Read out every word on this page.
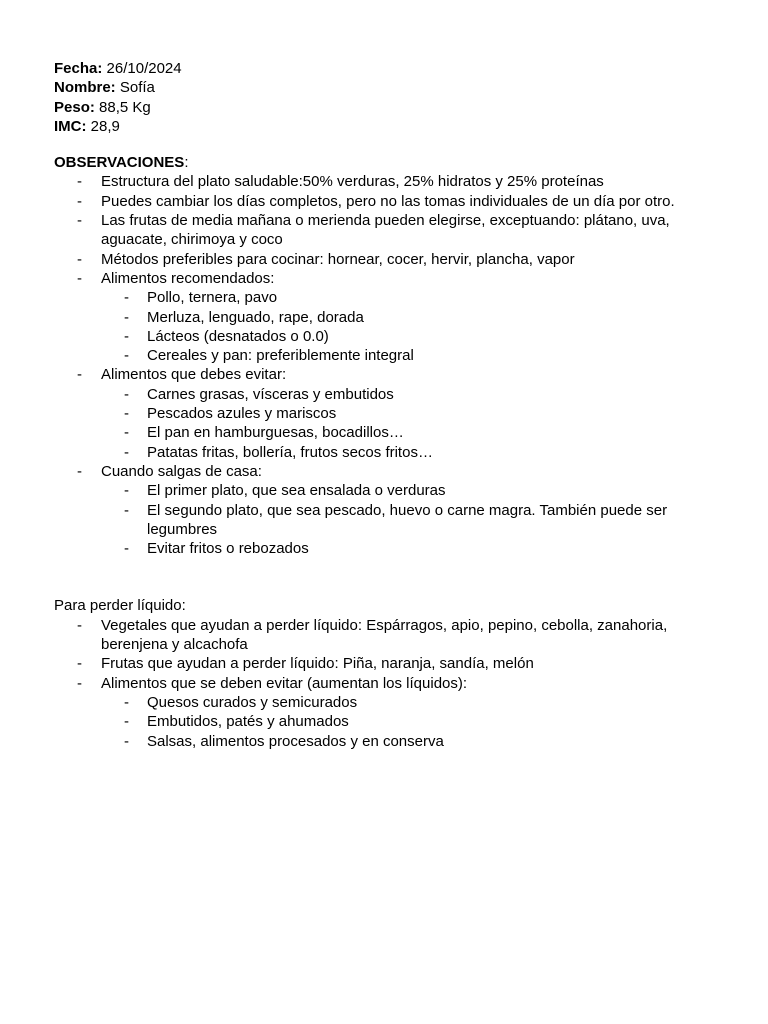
Fecha: 26/10/2024

Nombre: Sofía

Peso: 88,5 Kg

IMC: 28,9

OBSERVACIONES:

- Estructura del plato saludable:50% verduras, 25% hidratos y 25% proteínas
- Puedes cambiar los días completos, pero no las tomas individuales de un día por otro.
- Las frutas de media mañana o merienda pueden elegirse, exceptuando: plátano, uva, aguacate, chirimoya y coco
- Métodos preferibles para cocinar: hornear, cocer, hervir, plancha, vapor
- Alimentos recomendados:
- Pollo, ternera, pavo
- Merluza, lenguado, rape, dorada
- Lácteos (desnatados o 0.0)
- Cereales y pan: preferiblemente integral
- Alimentos que debes evitar:
- Carnes grasas, vísceras y embutidos
- Pescados azules y mariscos
- El pan en hamburguesas, bocadillos…
- Patatas fritas, bollería, frutos secos fritos…
- Cuando salgas de casa:
- El primer plato, que sea ensalada o verduras
- El segundo plato, que sea pescado, huevo o carne magra. También puede ser legumbres
- Evitar fritos o rebozados

Para perder líquido:

- Vegetales que ayudan a perder líquido: Espárragos, apio, pepino, cebolla, zanahoria, berenjena y alcachofa
- Frutas que ayudan a perder líquido: Piña, naranja, sandía, melón
- Alimentos que se deben evitar (aumentan los líquidos):
- Quesos curados y semicurados
- Embutidos, patés y ahumados
- Salsas, alimentos procesados y en conserva
